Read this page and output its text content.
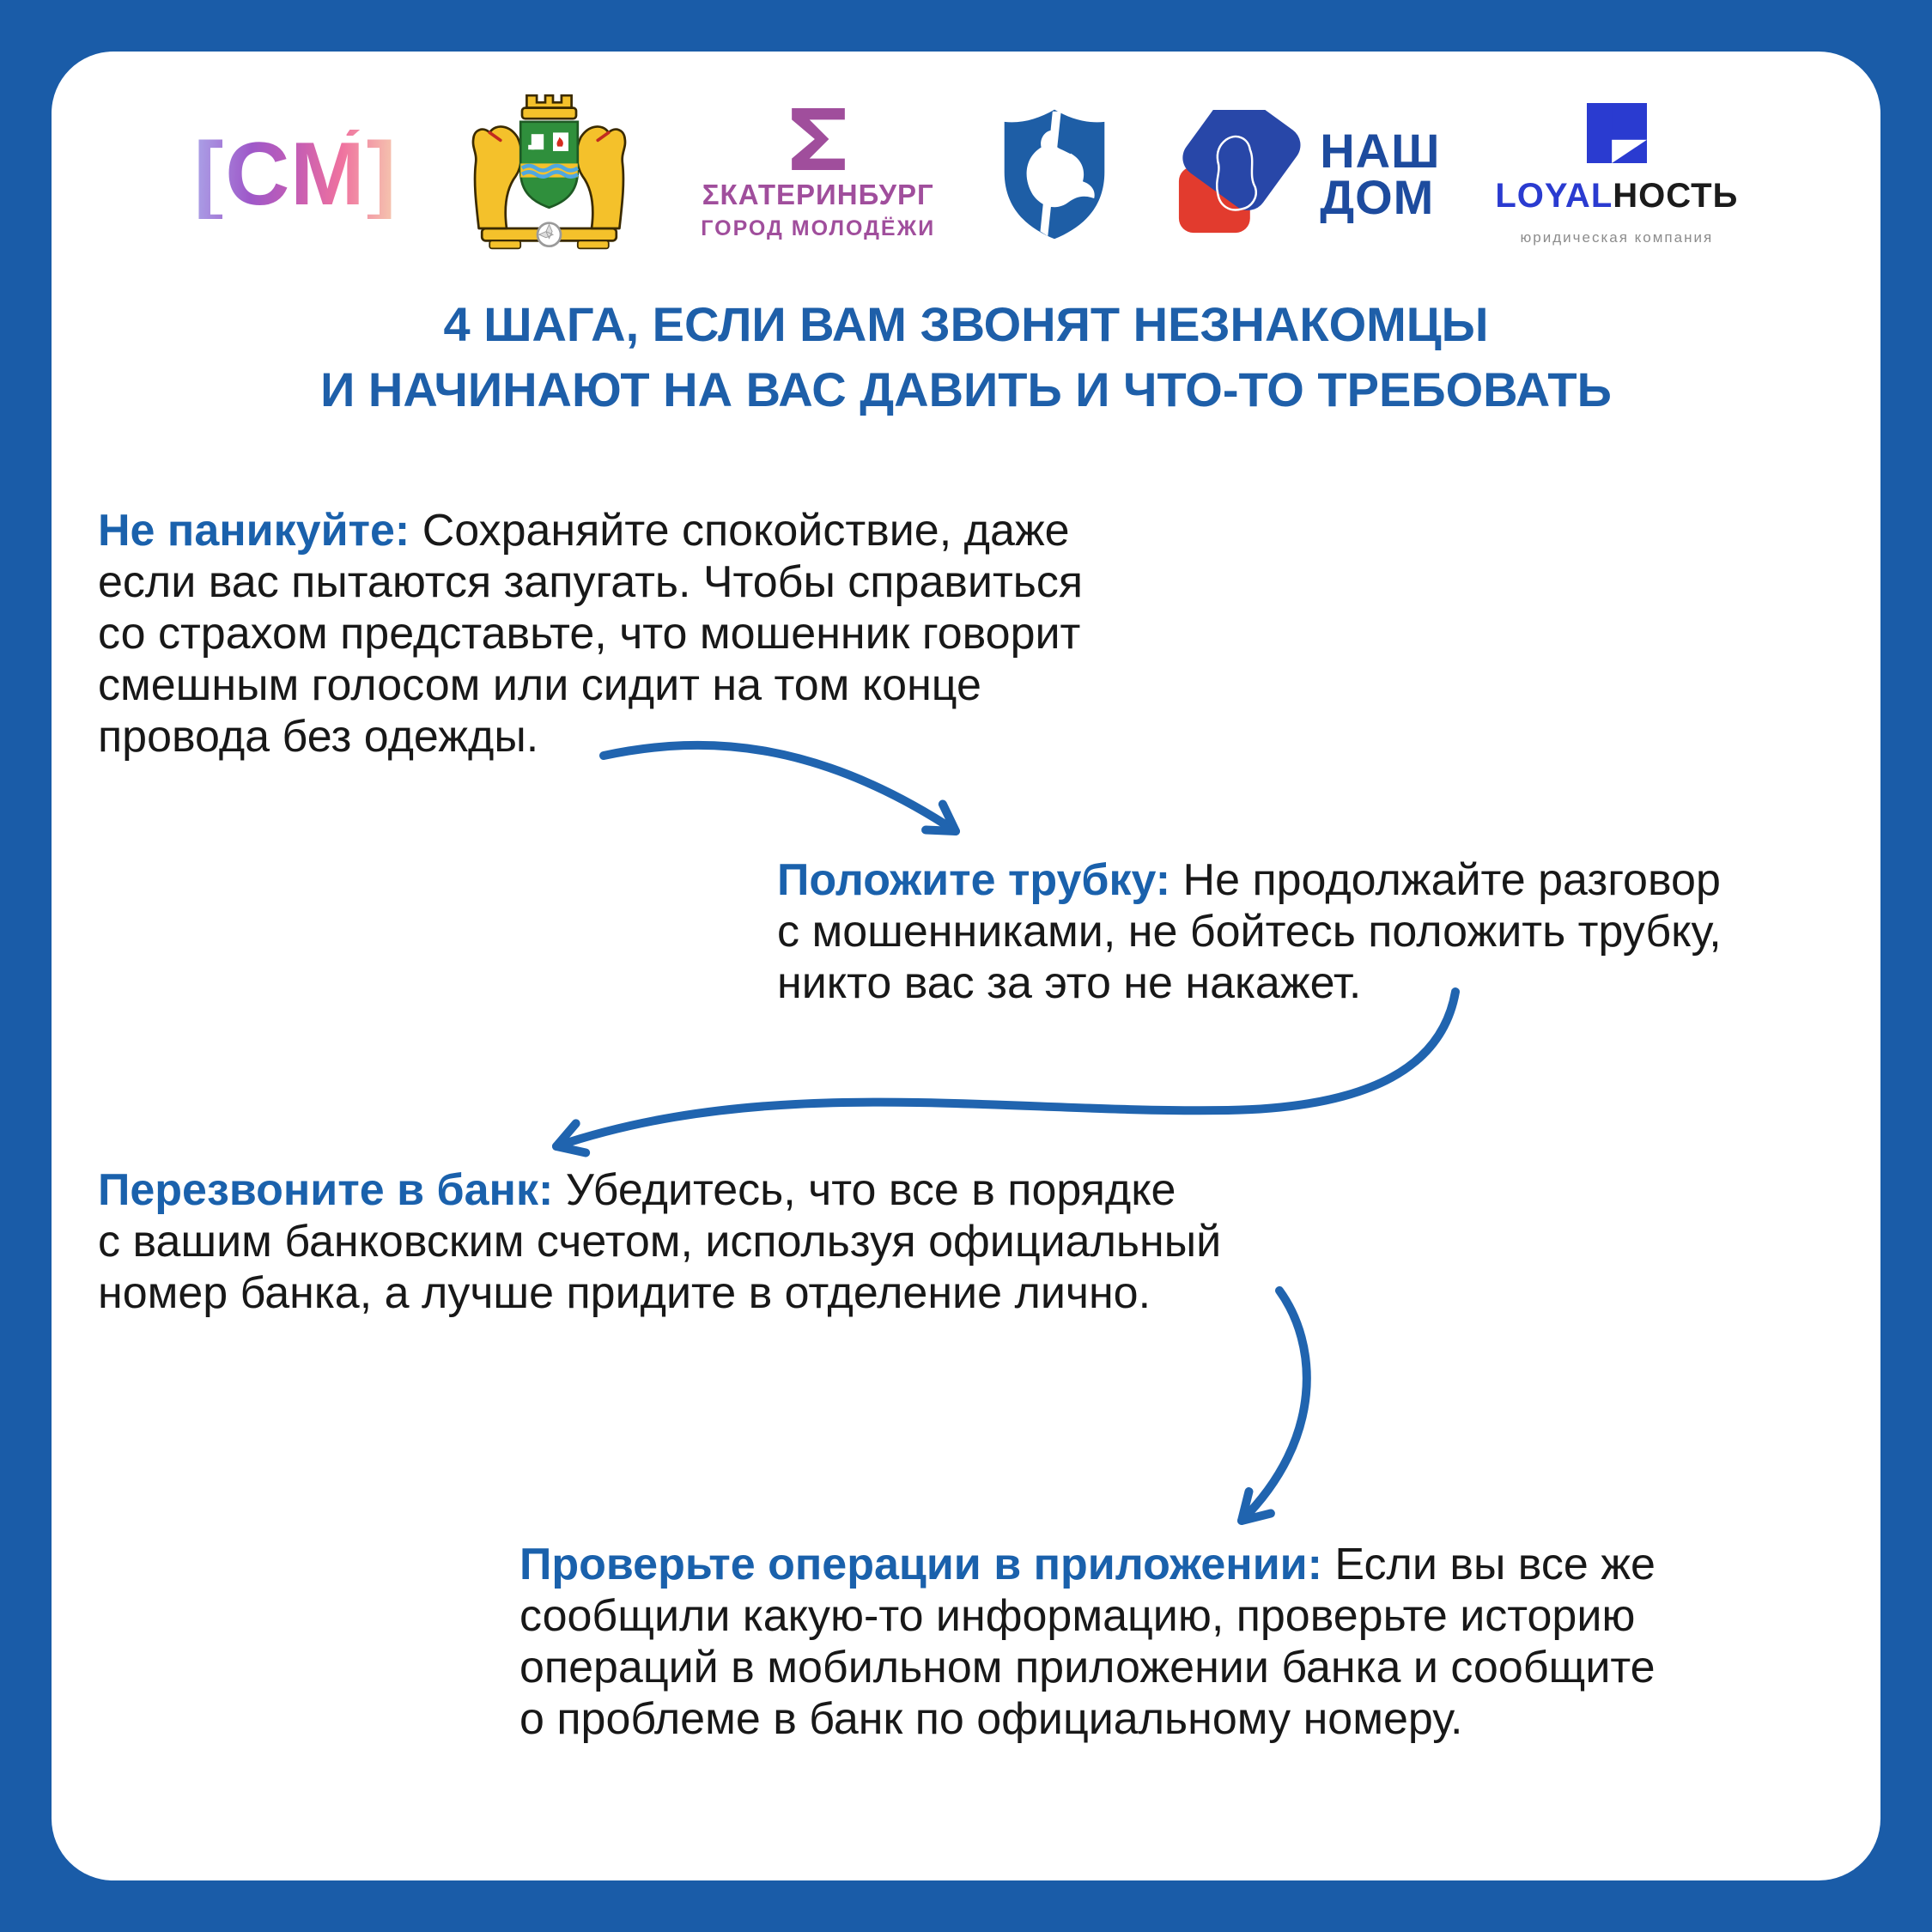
[СМ́]	ΣКАТЕРИНБУРГ
ГОРОД МОЛОДЁЖИ
НАШ
ДОМ LOYALНОСТЬ
юридическая компания
4 ШАГА, ЕСЛИ ВАМ ЗВОНЯТ НЕЗНАКОМЦЫ
И НАЧИНАЮТ НА ВАС ДАВИТЬ И ЧТО-ТО ТРЕБОВАТЬ
Не паникуйте: Сохраняйте спокойствие, даже
если вас пытаются запугать. Чтобы справиться
со страхом представьте, что мошенник говорит
смешным голосом или сидит на том конце
провода без одежды.
Положите трубку: Не продолжайте разговор
с мошенниками, не бойтесь положить трубку,
никто вас за это не накажет.
Перезвоните в банк: Убедитесь, что все в порядке
с вашим банковским счетом, используя официальный
номер банка, а лучше придите в отделение лично.
Проверьте операции в приложении: Если вы все же
сообщили какую-то информацию, проверьте историю
операций в мобильном приложении банка и сообщите
о проблеме в банк по официальному номеру.
